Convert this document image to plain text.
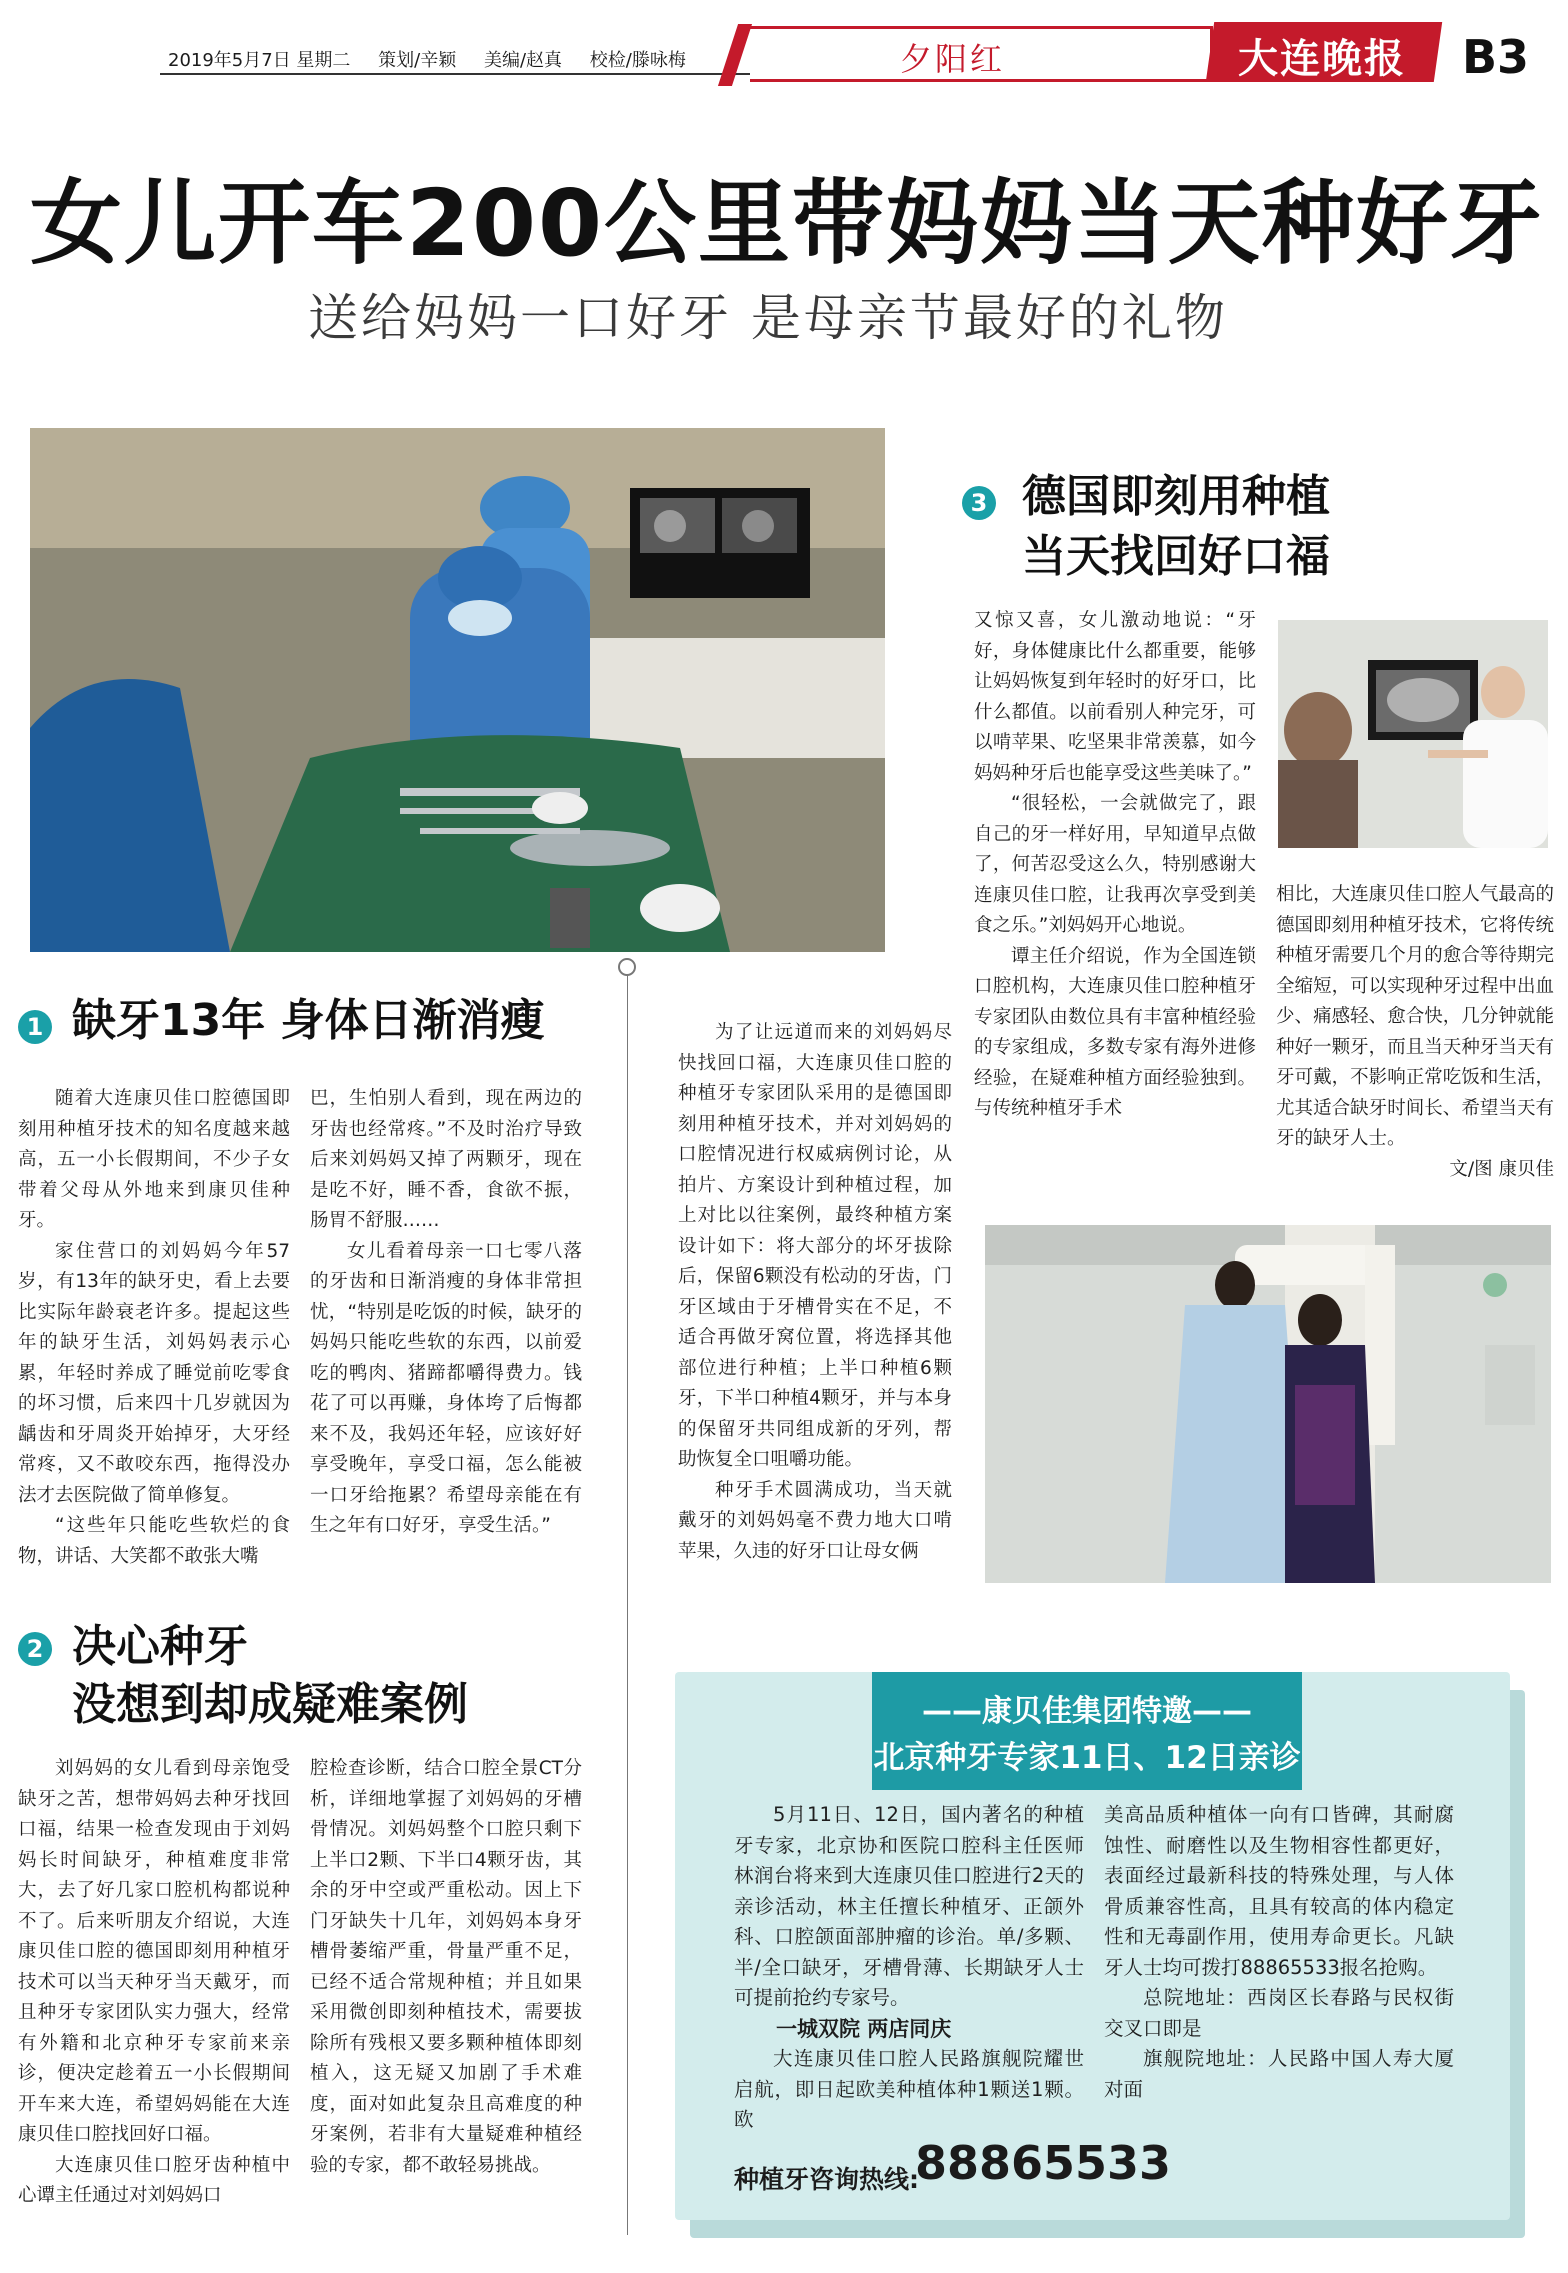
2019年5月7日 星期二 策划/辛颖 美编/赵真 校检/滕咏梅	夕阳红	大连晚报 B3
女儿开车200公里带妈妈当天种好牙
送给妈妈一口好牙 是母亲节最好的礼物
1 缺牙13年 身体日渐消瘦

随着大连康贝佳口腔德国即刻用种植牙技术的知名度越来越高，五一小长假期间，不少子女带着父母从外地来到康贝佳种牙。

家住营口的刘妈妈今年57岁，有13年的缺牙史，看上去要比实际年龄衰老许多。提起这些年的缺牙生活，刘妈妈表示心累，年轻时养成了睡觉前吃零食的坏习惯，后来四十几岁就因为龋齿和牙周炎开始掉牙，大牙经常疼，又不敢咬东西，拖得没办法才去医院做了简单修复。

“这些年只能吃些软烂的食物，讲话、大笑都不敢张大嘴

巴，生怕别人看到，现在两边的牙齿也经常疼。”不及时治疗导致后来刘妈妈又掉了两颗牙，现在是吃不好，睡不香，食欲不振，肠胃不舒服……

女儿看着母亲一口七零八落的牙齿和日渐消瘦的身体非常担忧，“特别是吃饭的时候，缺牙的妈妈只能吃些软的东西，以前爱吃的鸭肉、猪蹄都嚼得费力。钱花了可以再赚，身体垮了后悔都来不及，我妈还年轻，应该好好享受晚年，享受口福，怎么能被一口牙给拖累？希望母亲能在有生之年有口好牙，享受生活。”

2 决心种牙
没想到却成疑难案例

刘妈妈的女儿看到母亲饱受缺牙之苦，想带妈妈去种牙找回口福，结果一检查发现由于刘妈妈长时间缺牙，种植难度非常大，去了好几家口腔机构都说种不了。后来听朋友介绍说，大连康贝佳口腔的德国即刻用种植牙技术可以当天种牙当天戴牙，而且种牙专家团队实力强大，经常有外籍和北京种牙专家前来亲诊，便决定趁着五一小长假期间开车来大连，希望妈妈能在大连康贝佳口腔找回好口福。

大连康贝佳口腔牙齿种植中心谭主任通过对刘妈妈口

腔检查诊断，结合口腔全景CT分析，详细地掌握了刘妈妈的牙槽骨情况。刘妈妈整个口腔只剩下上半口2颗、下半口4颗牙齿，其余的牙中空或严重松动。因上下门牙缺失十几年，刘妈妈本身牙槽骨萎缩严重，骨量严重不足，已经不适合常规种植；并且如果采用微创即刻种植技术，需要拔除所有残根又要多颗种植体即刻植入，这无疑又加剧了手术难度，面对如此复杂且高难度的种牙案例，若非有大量疑难种植经验的专家，都不敢轻易挑战。

为了让远道而来的刘妈妈尽快找回口福，大连康贝佳口腔的种植牙专家团队采用的是德国即刻用种植牙技术，并对刘妈妈的口腔情况进行权威病例讨论，从拍片、方案设计到种植过程，加上对比以往案例，最终种植方案设计如下：将大部分的坏牙拔除后，保留6颗没有松动的牙齿，门牙区域由于牙槽骨实在不足，不适合再做牙窝位置，将选择其他部位进行种植；上半口种植6颗牙，下半口种植4颗牙，并与本身的保留牙共同组成新的牙列，帮助恢复全口咀嚼功能。

种牙手术圆满成功，当天就戴牙的刘妈妈毫不费力地大口啃苹果，久违的好牙口让母女俩

3 德国即刻用种植
当天找回好口福

又惊又喜，女儿激动地说：“牙好，身体健康比什么都重要，能够让妈妈恢复到年轻时的好牙口，比什么都值。以前看别人种完牙，可以啃苹果、吃坚果非常羡慕，如今妈妈种牙后也能享受这些美味了。”

“很轻松，一会就做完了，跟自己的牙一样好用，早知道早点做了，何苦忍受这么久，特别感谢大连康贝佳口腔，让我再次享受到美食之乐。”刘妈妈开心地说。

谭主任介绍说，作为全国连锁口腔机构，大连康贝佳口腔种植牙专家团队由数位具有丰富种植经验的专家组成，多数专家有海外进修经验，在疑难种植方面经验独到。与传统种植牙手术

相比，大连康贝佳口腔人气最高的德国即刻用种植牙技术，它将传统种植牙需要几个月的愈合等待期完全缩短，可以实现种牙过程中出血少、痛感轻、愈合快，几分钟就能种好一颗牙，而且当天种牙当天有牙可戴，不影响正常吃饭和生活，尤其适合缺牙时间长、希望当天有牙的缺牙人士。

文/图 康贝佳

——康贝佳集团特邀——
北京种牙专家11日、12日亲诊

5月11日、12日，国内著名的种植牙专家，北京协和医院口腔科主任医师林润台将来到大连康贝佳口腔进行2天的亲诊活动，林主任擅长种植牙、正颌外科、口腔颌面部肿瘤的诊治。单/多颗、半/全口缺牙，牙槽骨薄、长期缺牙人士可提前抢约专家号。

一城双院 两店同庆

大连康贝佳口腔人民路旗舰院耀世启航，即日起欧美种植体种1颗送1颗。欧

美高品质种植体一向有口皆碑，其耐腐蚀性、耐磨性以及生物相容性都更好，表面经过最新科技的特殊处理，与人体骨质兼容性高，且具有较高的体内稳定性和无毒副作用，使用寿命更长。凡缺牙人士均可拨打88865533报名抢购。

总院地址：西岗区长春路与民权街交叉口即是

旗舰院地址：人民路中国人寿大厦对面

种植牙咨询热线:
88865533
